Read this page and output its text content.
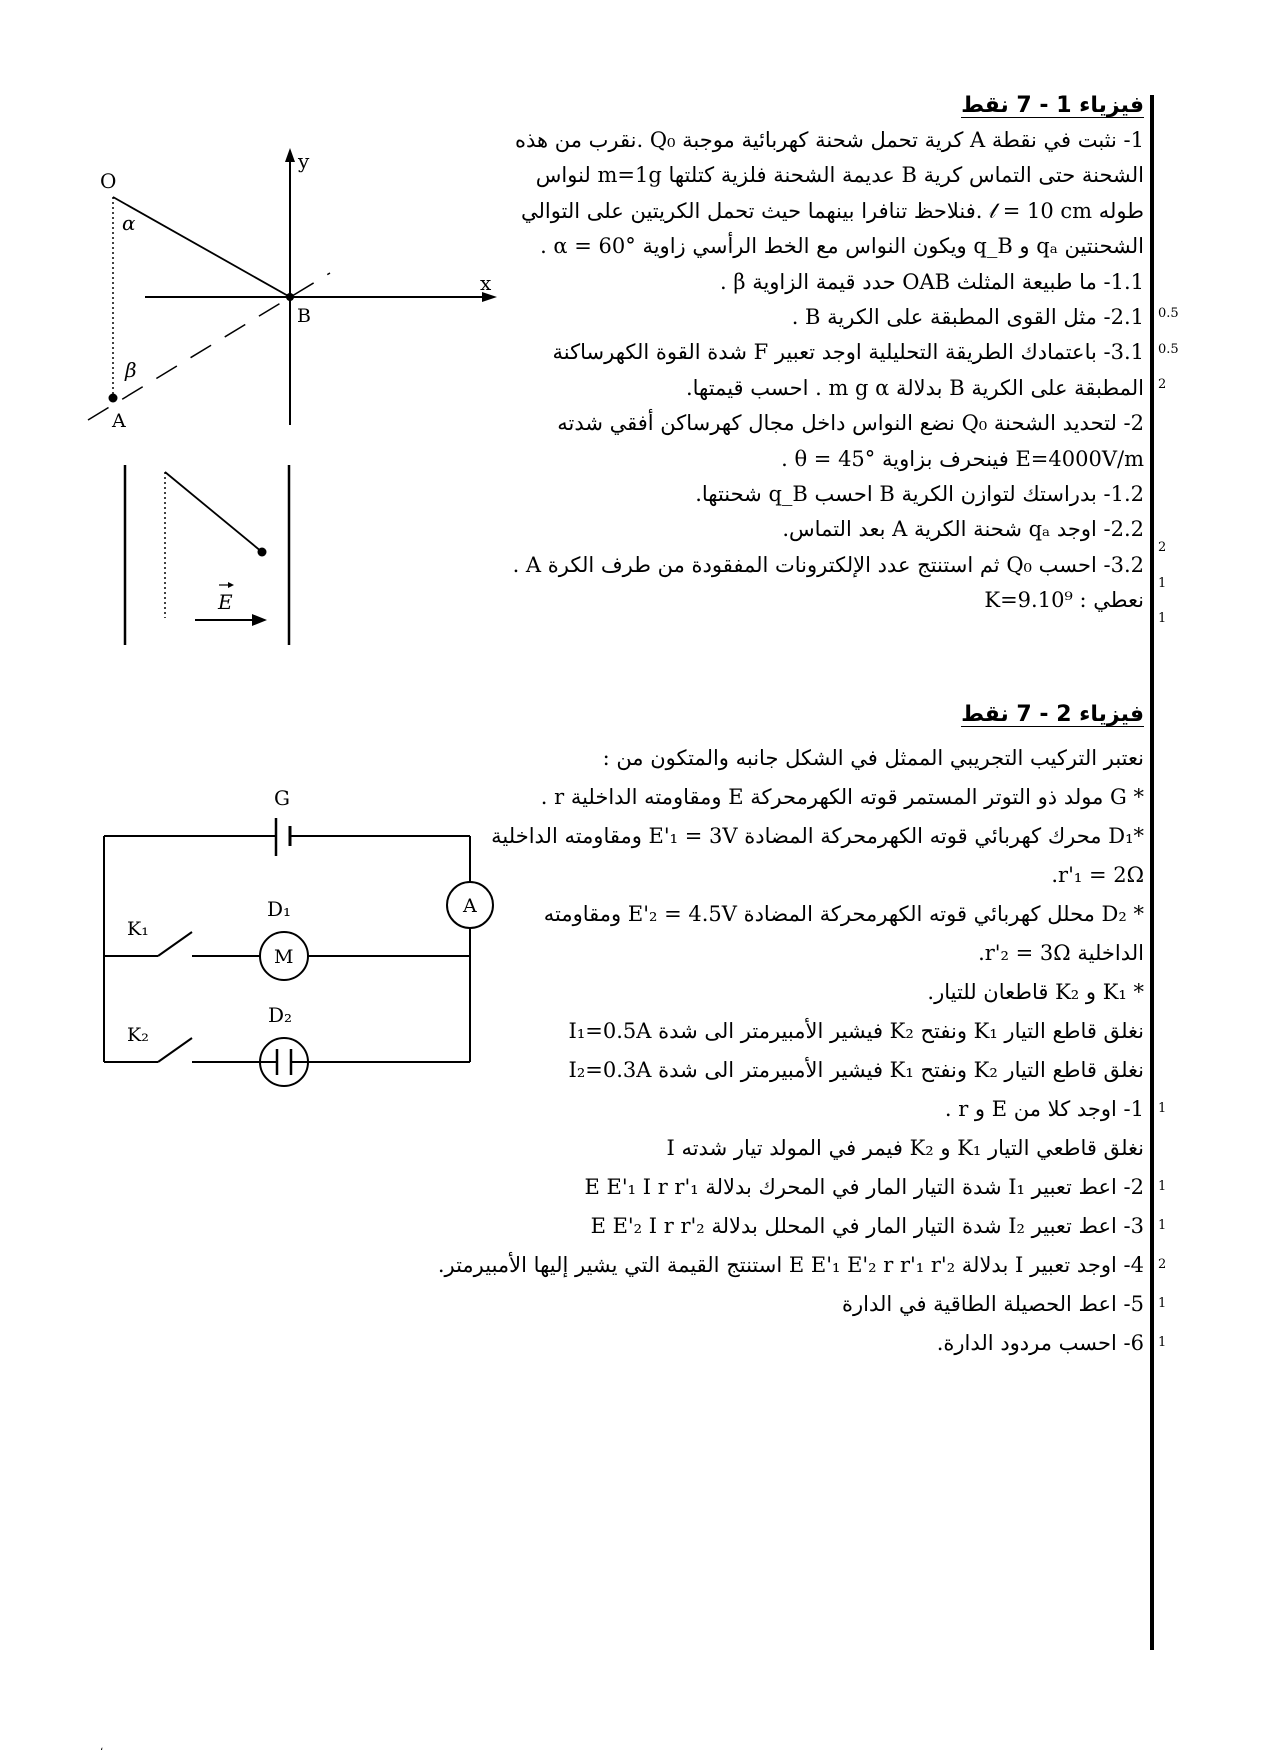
فيزياء 1 - 7 نقط
1- نثبت في نقطة A كرية تحمل شحنة كهربائية موجبة Q₀ .نقرب من هذه
الشحنة حتى التماس كرية B عديمة الشحنة فلزية كتلتها m=1g لنواس
طوله 𝓁 = 10 cm .فنلاحظ تنافرا بينهما حيث تحمل الكريتين على التوالي
الشحنتين qₐ و q_B ويكون النواس مع الخط الرأسي زاوية α = 60° .
1.1- ما طبيعة المثلث OAB حدد قيمة الزاوية β .
2.1- مثل القوى المطبقة على الكرية B .
3.1- باعتمادك الطريقة التحليلية اوجد تعبير F شدة القوة الكهرساكنة
المطبقة على الكرية B بدلالة m g α . احسب قيمتها.
2- لتحديد الشحنة Q₀ نضع النواس داخل مجال كهرساكن أفقي شدته
E=4000V/m فينحرف بزاوية θ = 45° .
1.2- بدراستك لتوازن الكرية B احسب q_B شحنتها.
2.2- اوجد qₐ شحنة الكرية A بعد التماس.
3.2- احسب Q₀ ثم استنتج عدد الإلكترونات المفقودة من طرف الكرة A .
نعطي : K=9.10⁹
0.5
0.5
2
2
1
1
فيزياء 2 - 7 نقط
نعتبر التركيب التجريبي الممثل في الشكل جانبه والمتكون من :
* G مولد ذو التوتر المستمر قوته الكهرمحركة E ومقاومته الداخلية r .
*D₁ محرك كهربائي قوته الكهرمحركة المضادة E'₁ = 3V ومقاومته الداخلية
r'₁ = 2Ω.
* D₂ محلل كهربائي قوته الكهرمحركة المضادة E'₂ = 4.5V ومقاومته
الداخلية r'₂ = 3Ω.
* K₁ و K₂ قاطعان للتيار.
نغلق قاطع التيار K₁ ونفتح K₂ فيشير الأمبيرمتر الى شدة I₁=0.5A
نغلق قاطع التيار K₂ ونفتح K₁ فيشير الأمبيرمتر الى شدة I₂=0.3A
1- اوجد كلا من E و r .
نغلق قاطعي التيار K₁ و K₂ فيمر في المولد تيار شدته I
2- اعط تعبير I₁ شدة التيار المار في المحرك بدلالة E E'₁ I r r'₁
3- اعط تعبير I₂ شدة التيار المار في المحلل بدلالة E E'₂ I r r'₂
4- اوجد تعبير I بدلالة E E'₁ E'₂ r r'₁ r'₂ استنتج القيمة التي يشير إليها الأمبيرمتر.
5- اعط الحصيلة الطاقية في الدارة
6- احسب مردود الدارة.
1
1
1
2
1
1
O
y
x
B
A
α
β
E
G
A
D₁
M
K₁
D₂
K₂
،
